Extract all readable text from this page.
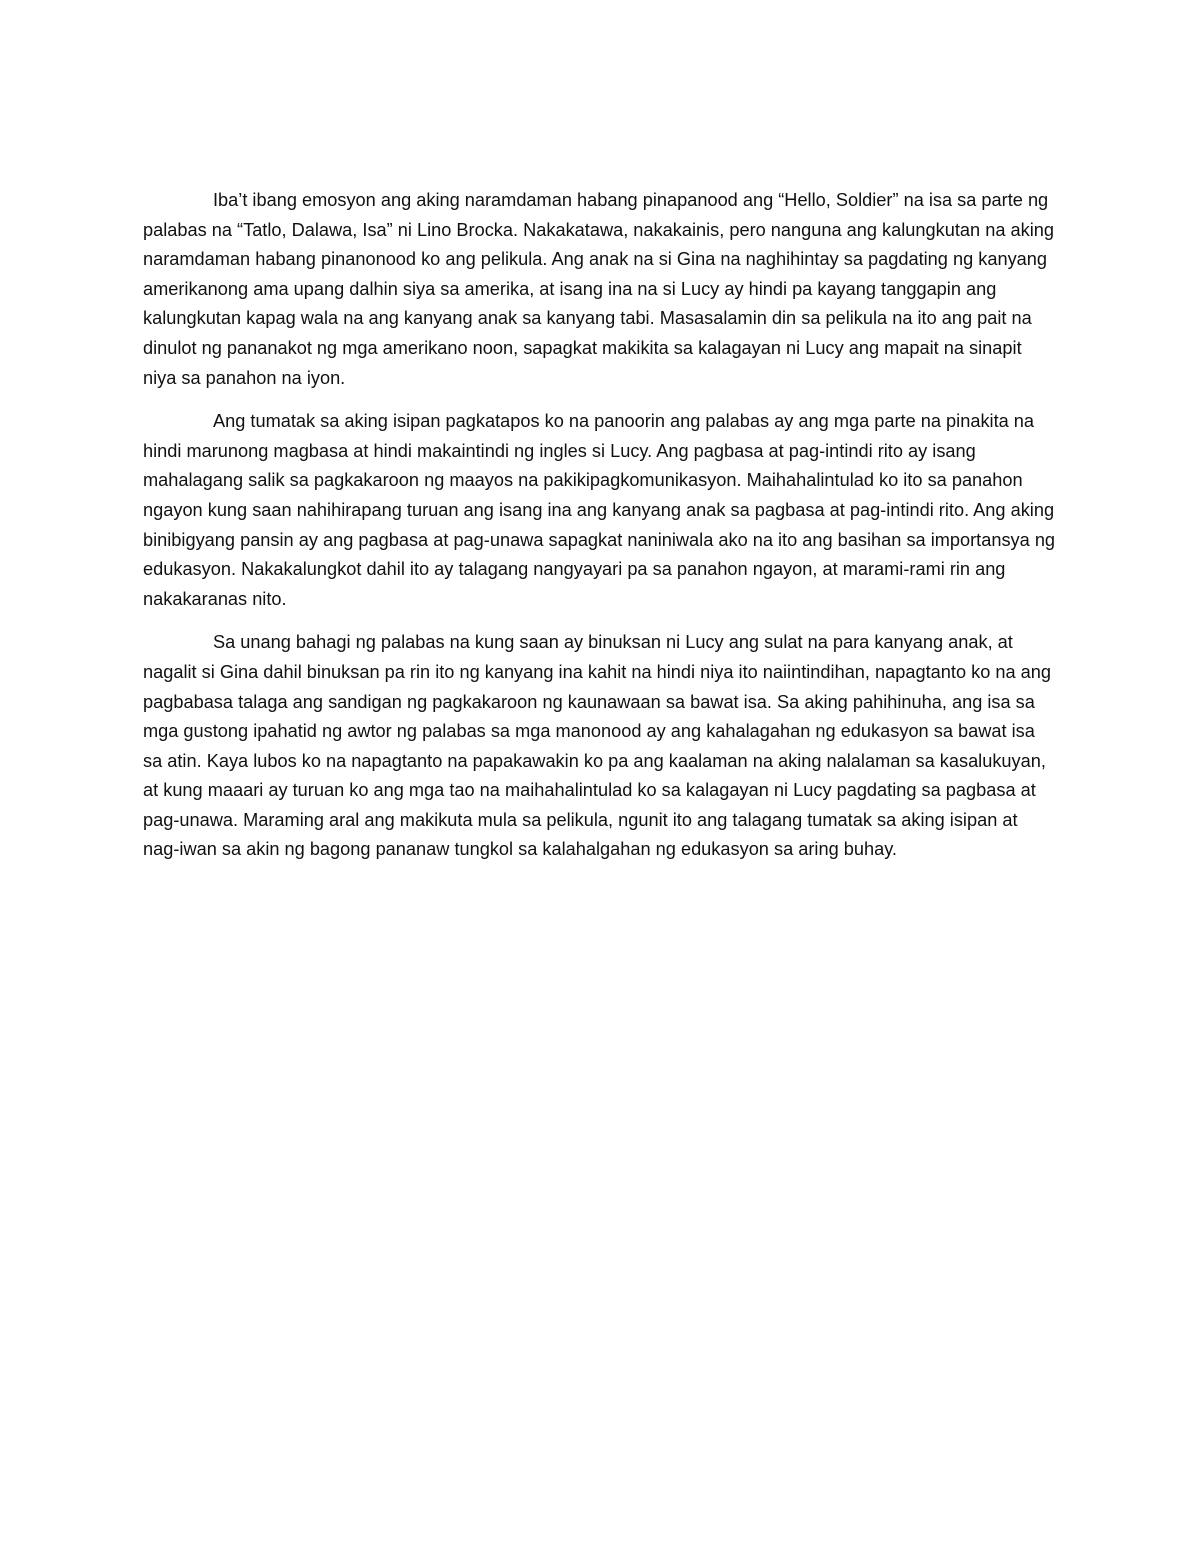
Iba’t ibang emosyon ang aking naramdaman habang pinapanood ang “Hello, Soldier” na isa sa parte ng palabas na “Tatlo, Dalawa, Isa” ni Lino Brocka. Nakakatawa, nakakainis, pero nanguna ang kalungkutan na aking naramdaman habang pinanonood ko ang pelikula. Ang anak na si Gina na naghihintay sa pagdating ng kanyang amerikanong ama upang dalhin siya sa amerika, at isang ina na si Lucy ay hindi pa kayang tanggapin ang kalungkutan kapag wala na ang kanyang anak sa kanyang tabi. Masasalamin din sa pelikula na ito ang pait na dinulot ng pananakot ng mga amerikano noon, sapagkat makikita sa kalagayan ni Lucy ang mapait na sinapit niya sa panahon na iyon.

Ang tumatak sa aking isipan pagkatapos ko na panoorin ang palabas ay ang mga parte na pinakita na hindi marunong magbasa at hindi makaintindi ng ingles si Lucy. Ang pagbasa at pag-intindi rito ay isang mahalagang salik sa pagkakaroon ng maayos na pakikipagkomunikasyon. Maihahalintulad ko ito sa panahon ngayon kung saan nahihirapang turuan ang isang ina ang kanyang anak sa pagbasa at pag-intindi rito. Ang aking binibigyang pansin ay ang pagbasa at pag-unawa sapagkat naniniwala ako na ito ang basihan sa importansya ng edukasyon. Nakakalungkot dahil ito ay talagang nangyayari pa sa panahon ngayon, at marami-rami rin ang nakakaranas nito.

Sa unang bahagi ng palabas na kung saan ay binuksan ni Lucy ang sulat na para kanyang anak, at nagalit si Gina dahil binuksan pa rin ito ng kanyang ina kahit na hindi niya ito naiintindihan, napagtanto ko na ang pagbabasa talaga ang sandigan ng pagkakaroon ng kaunawaan sa bawat isa. Sa aking pahihinuha, ang isa sa mga gustong ipahatid ng awtor ng palabas sa mga manonood ay ang kahalagahan ng edukasyon sa bawat isa sa atin. Kaya lubos ko na napagtanto na papakawakin ko pa ang kaalaman na aking nalalaman sa kasalukuyan, at kung maaari ay turuan ko ang mga tao na maihahalintulad ko sa kalagayan ni Lucy pagdating sa pagbasa at pag-unawa. Maraming aral ang makikuta mula sa pelikula, ngunit ito ang talagang tumatak sa aking isipan at nag-iwan sa akin ng bagong pananaw tungkol sa kalahalgahan ng edukasyon sa aring buhay.
